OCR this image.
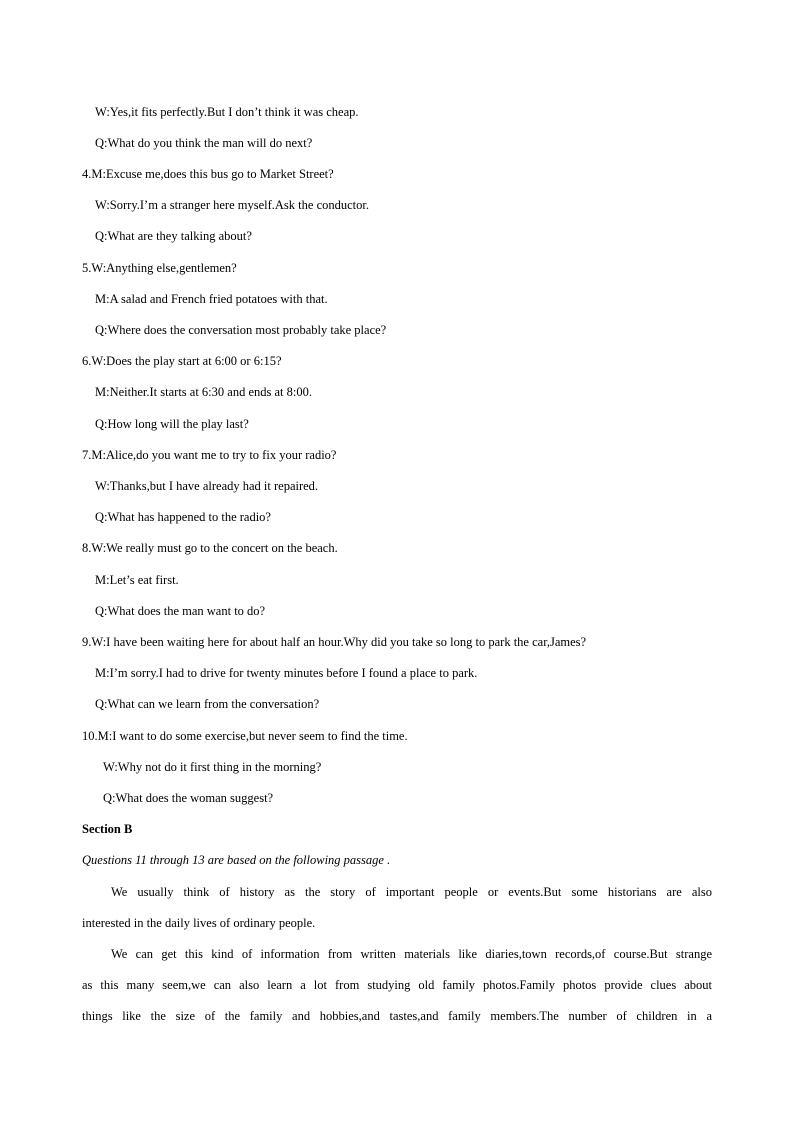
W:Yes,it fits perfectly.But I don’t think it was cheap.
Q:What do you think the man will do next?
4.M:Excuse me,does this bus go to Market Street?
W:Sorry.I’m a stranger here myself.Ask the conductor.
Q:What are they talking about?
5.W:Anything else,gentlemen?
M:A salad and French fried potatoes with that.
Q:Where does the conversation most probably take place?
6.W:Does the play start at 6:00 or 6:15?
M:Neither.It starts at 6:30 and ends at 8:00.
Q:How long will the play last?
7.M:Alice,do you want me to try to fix your radio?
W:Thanks,but I have already had it repaired.
Q:What has happened to the radio?
8.W:We really must go to the concert on the beach.
M:Let’s eat first.
Q:What does the man want to do?
9.W:I have been waiting here for about half an hour.Why did you take so long to park the car,James?
M:I’m sorry.I had to drive for twenty minutes before I found a place to park.
Q:What can we learn from the conversation?
10.M:I want to do some exercise,but never seem to find the time.
W:Why not do it first thing in the morning?
Q:What does the woman suggest?
Section B
Questions 11 through 13 are based on the following passage .
We usually think of history as the story of important people or events.But some historians are also
interested in the daily lives of ordinary people.
We can get this kind of information from written materials like diaries,town records,of course.But strange
as this many seem,we can also learn a lot from studying old family photos.Family photos provide clues about
things like the size of the family and hobbies,and tastes,and family members.The number of children in a
